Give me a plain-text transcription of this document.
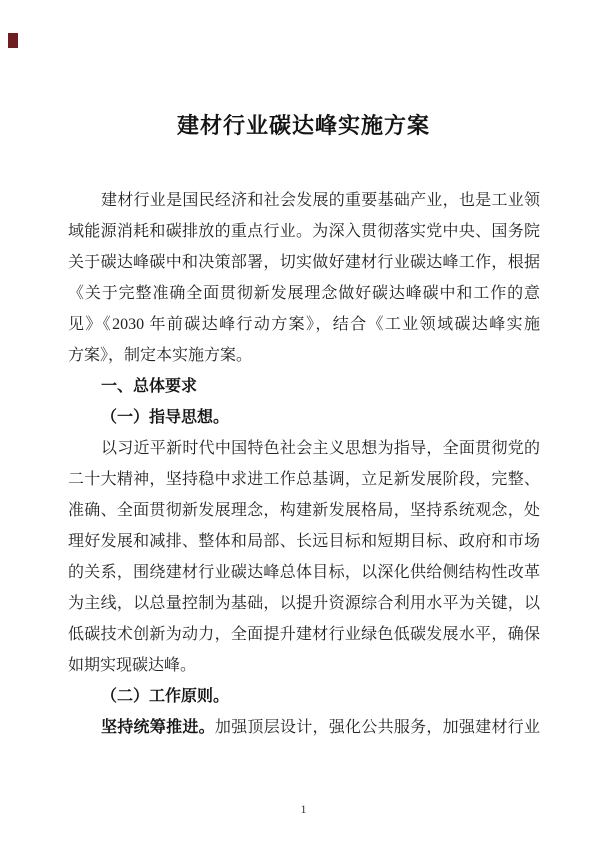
建材行业碳达峰实施方案
建材行业是国民经济和社会发展的重要基础产业，也是工业领
域能源消耗和碳排放的重点行业。为深入贯彻落实党中央、国务院
关于碳达峰碳中和决策部署，切实做好建材行业碳达峰工作，根据
《关于完整准确全面贯彻新发展理念做好碳达峰碳中和工作的意
见》《2030 年前碳达峰行动方案》，结合《工业领域碳达峰实施
方案》，制定本实施方案。
一、总体要求
（一）指导思想。
以习近平新时代中国特色社会主义思想为指导，全面贯彻党的
二十大精神，坚持稳中求进工作总基调，立足新发展阶段，完整、
准确、全面贯彻新发展理念，构建新发展格局，坚持系统观念，处
理好发展和减排、整体和局部、长远目标和短期目标、政府和市场
的关系，围绕建材行业碳达峰总体目标，以深化供给侧结构性改革
为主线，以总量控制为基础，以提升资源综合利用水平为关键，以
低碳技术创新为动力，全面提升建材行业绿色低碳发展水平，确保
如期实现碳达峰。
（二）工作原则。
坚持统筹推进。加强顶层设计，强化公共服务，加强建材行业
1
